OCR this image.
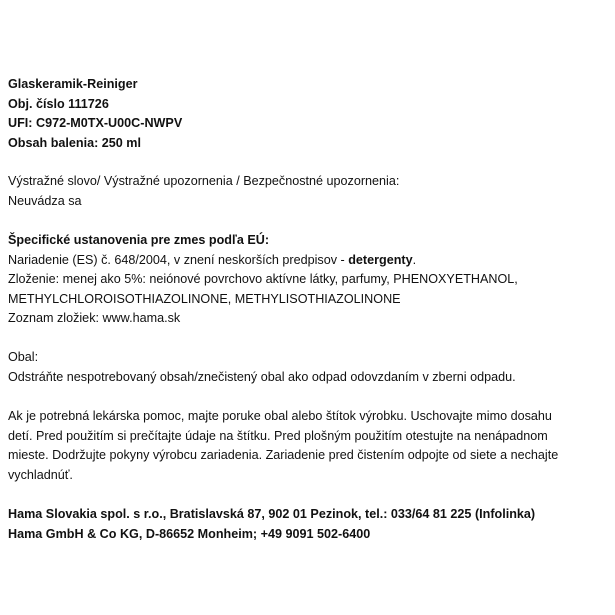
Glaskeramik-Reiniger
Obj. číslo 111726
UFI: C972-M0TX-U00C-NWPV
Obsah balenia: 250 ml
Výstražné slovo/ Výstražné upozornenia / Bezpečnostné upozornenia:
Neuvádza sa
Špecifické ustanovenia pre zmes podľa EÚ:
Nariadenie (ES) č. 648/2004, v znení neskorších predpisov - detergenty.
Zloženie: menej ako 5%: neiónové povrchovo aktívne látky, parfumy, PHENOXYETHANOL,
METHYLCHLOROISOTHIAZOLINONE, METHYLISOTHIAZOLINONE
Zoznam zložiek: www.hama.sk
Obal:
Odstráňte nespotrebovaný obsah/znečistený obal ako odpad odovzdaním v zberni odpadu.
Ak je potrebná lekárska pomoc, majte poruke obal alebo štítok výrobku. Uschovajte mimo dosahu
detí. Pred použitím si prečítajte údaje na štítku. Pred plošným použitím otestujte na nenápadnom
mieste. Dodržujte pokyny výrobcu zariadenia. Zariadenie pred čistením odpojte od siete a nechajte
vychladnúť.
Hama Slovakia spol. s r.o., Bratislavská 87, 902 01 Pezinok, tel.: 033/64 81 225 (Infolinka)
Hama GmbH & Co KG, D-86652 Monheim; +49 9091 502-6400
